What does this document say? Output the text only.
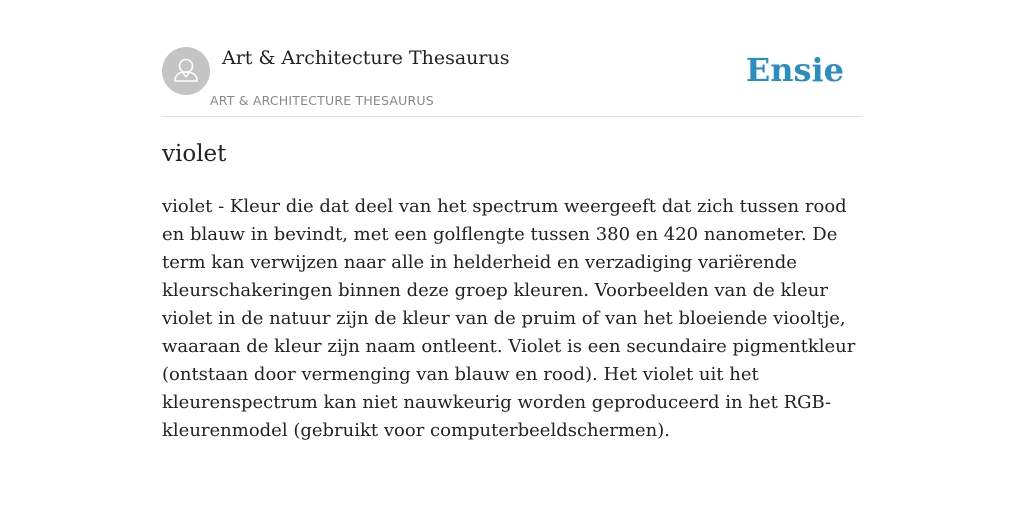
Art & Architecture Thesaurus
ART & ARCHITECTURE THESAURUS
Ensie
violet

violet - Kleur die dat deel van het spectrum weergeeft dat zich tussen rood en blauw in bevindt, met een golflengte tussen 380 en 420 nanometer. De term kan verwijzen naar alle in helderheid en verzadiging variërende kleurschakeringen binnen deze groep kleuren. Voorbeelden van de kleur violet in de natuur zijn de kleur van de pruim of van het bloeiende viooltje, waaraan de kleur zijn naam ontleent. Violet is een secundaire pigmentkleur (ontstaan door vermenging van blauw en rood). Het violet uit het kleurenspectrum kan niet nauwkeurig worden geproduceerd in het RGB-kleurenmodel (gebruikt voor computerbeeldschermen).
